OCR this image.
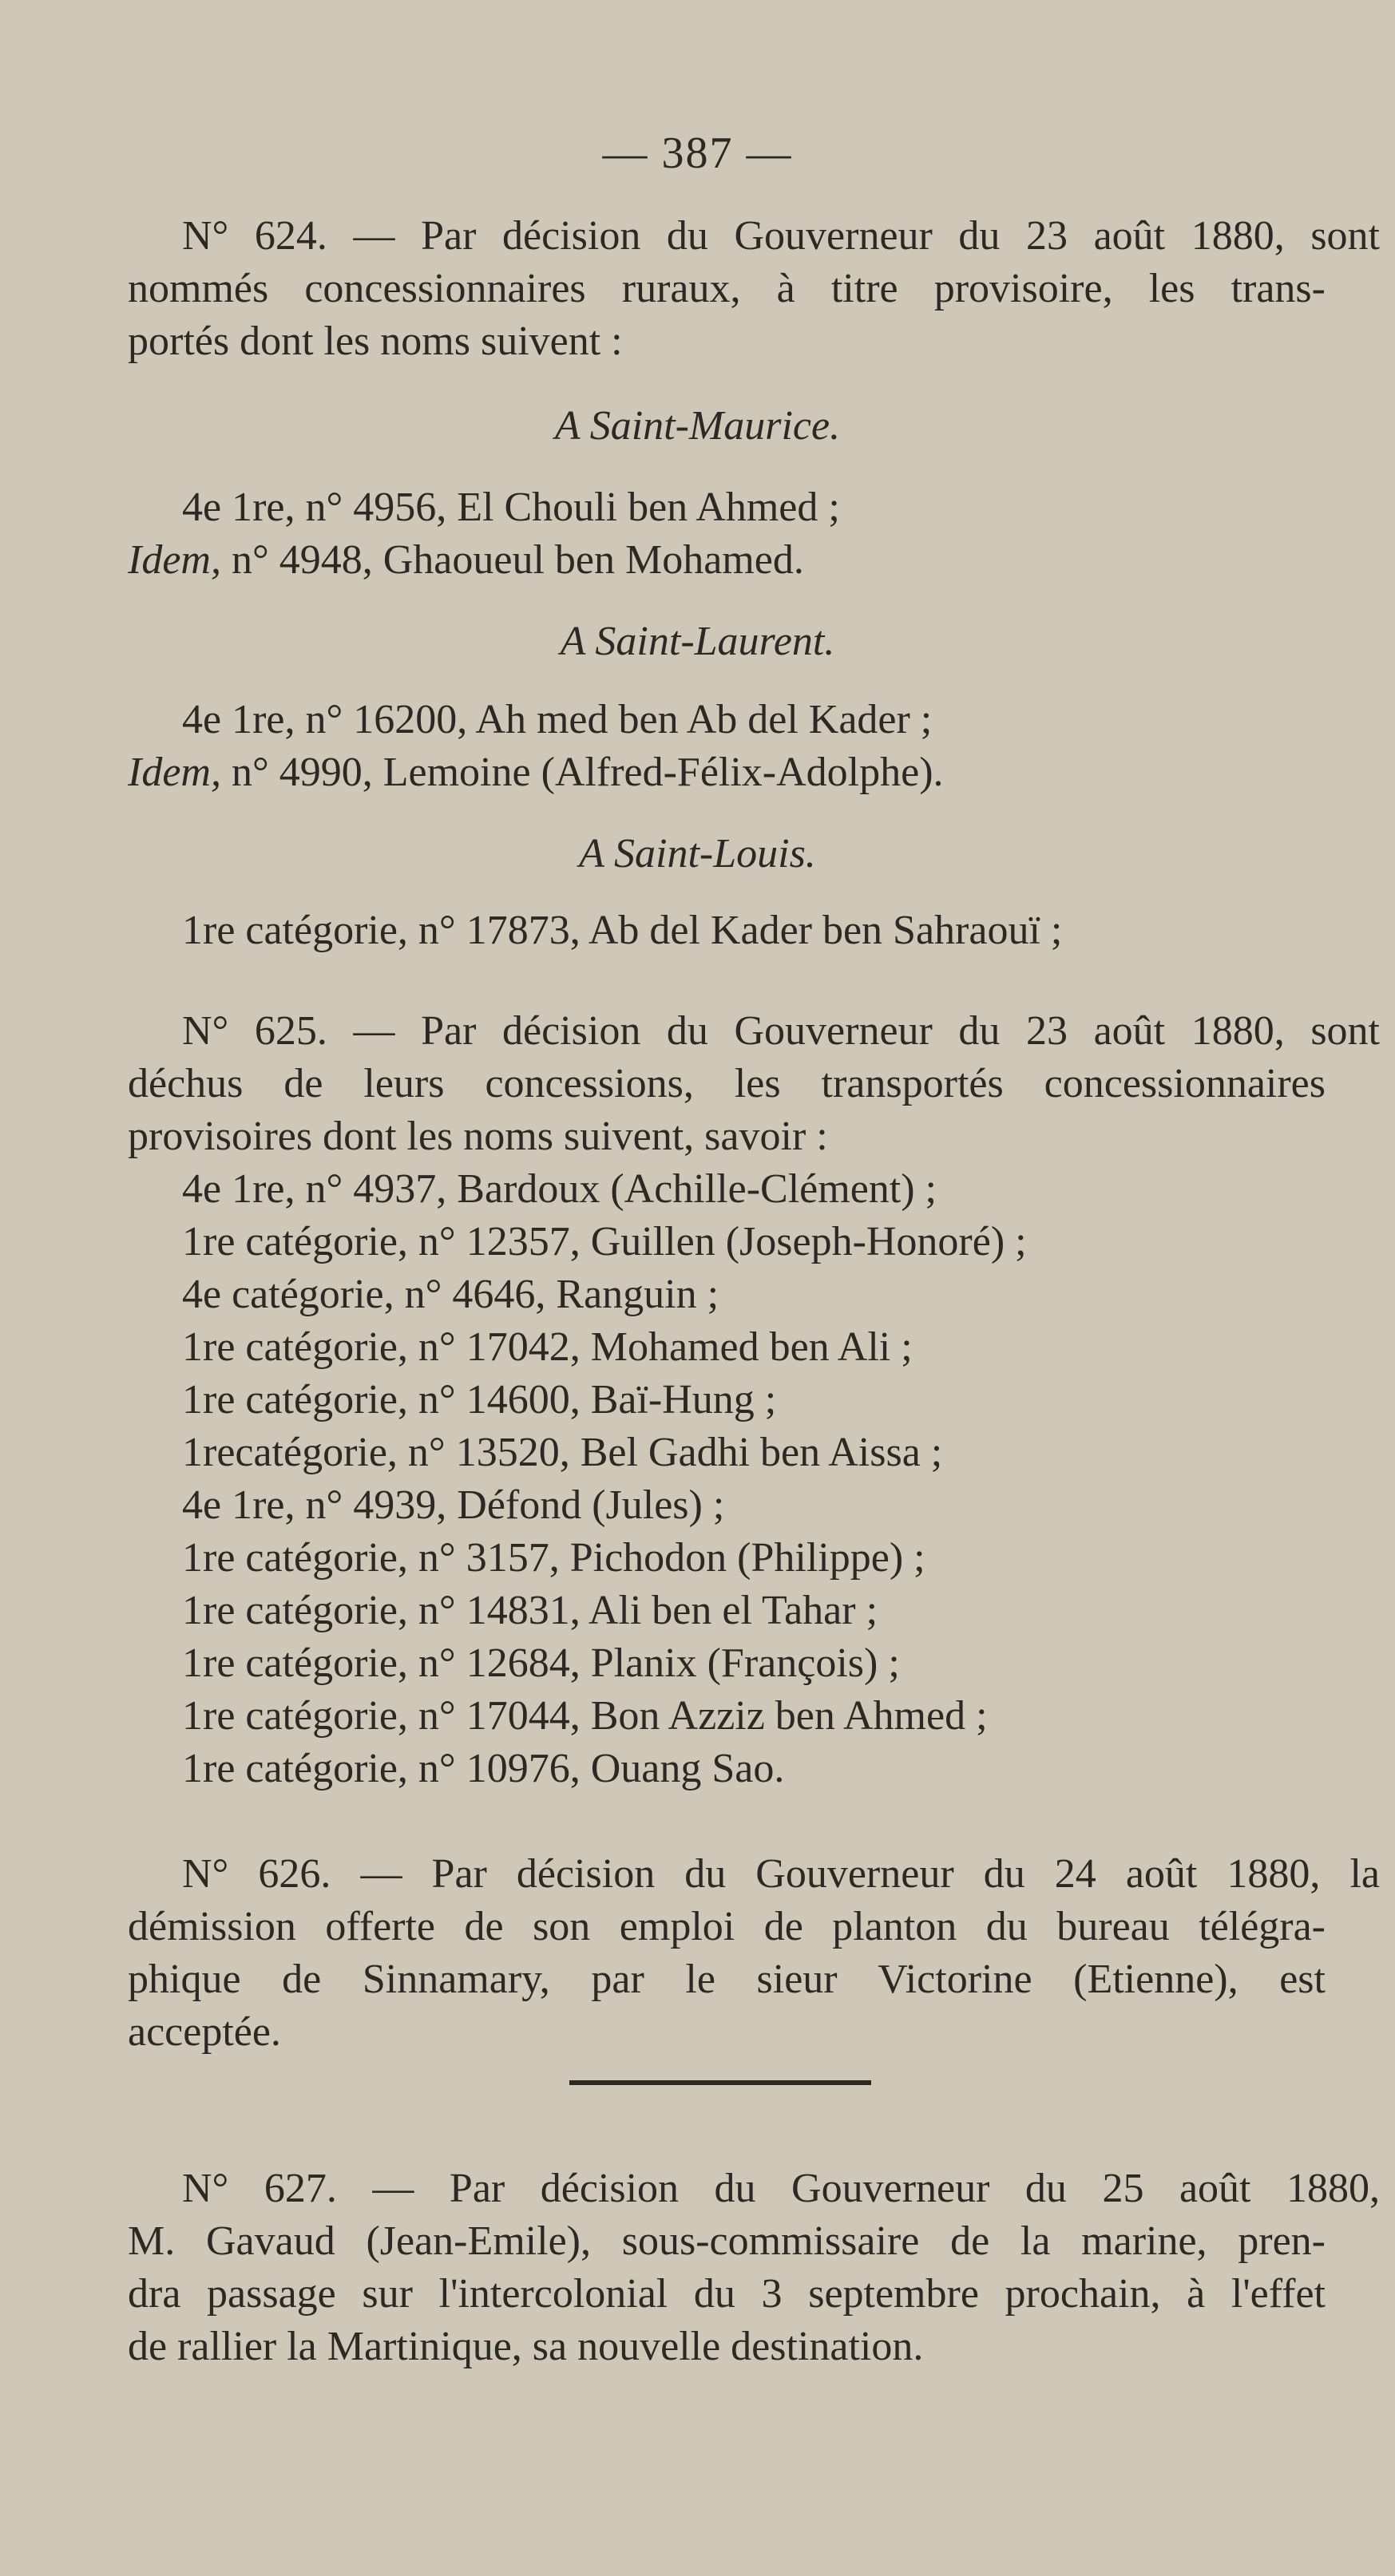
— 387 —
N° 624. — Par décision du Gouverneur du 23 août 1880, sont
nommés concessionnaires ruraux, à titre provisoire, les trans-
portés dont les noms suivent :
A Saint-Maurice.
4e 1re, n° 4956, El Chouli ben Ahmed ;
Idem, n° 4948, Ghaoueul ben Mohamed.
A Saint-Laurent.
4e 1re, n° 16200, Ah med ben Ab del Kader ;
Idem, n° 4990, Lemoine (Alfred-Félix-Adolphe).
A Saint-Louis.
1re catégorie, n° 17873, Ab del Kader ben Sahraouï ;
N° 625. — Par décision du Gouverneur du 23 août 1880, sont
déchus de leurs concessions, les transportés concessionnaires
provisoires dont les noms suivent, savoir :
4e 1re, n° 4937, Bardoux (Achille-Clément) ;
1re catégorie, n° 12357, Guillen (Joseph-Honoré) ;
4e catégorie, n° 4646, Ranguin ;
1re catégorie, n° 17042, Mohamed ben Ali ;
1re catégorie, n° 14600, Baï-Hung ;
1recatégorie, n° 13520, Bel Gadhi ben Aissa ;
4e 1re, n° 4939, Défond (Jules) ;
1re catégorie, n° 3157, Pichodon (Philippe) ;
1re catégorie, n° 14831, Ali ben el Tahar ;
1re catégorie, n° 12684, Planix (François) ;
1re catégorie, n° 17044, Bon Azziz ben Ahmed ;
1re catégorie, n° 10976, Ouang Sao.
N° 626. — Par décision du Gouverneur du 24 août 1880, la
démission offerte de son emploi de planton du bureau télégra-
phique de Sinnamary, par le sieur Victorine (Etienne), est
acceptée.
N° 627. — Par décision du Gouverneur du 25 août 1880,
M. Gavaud (Jean-Emile), sous-commissaire de la marine, pren-
dra passage sur l'intercolonial du 3 septembre prochain, à l'effet
de rallier la Martinique, sa nouvelle destination.
